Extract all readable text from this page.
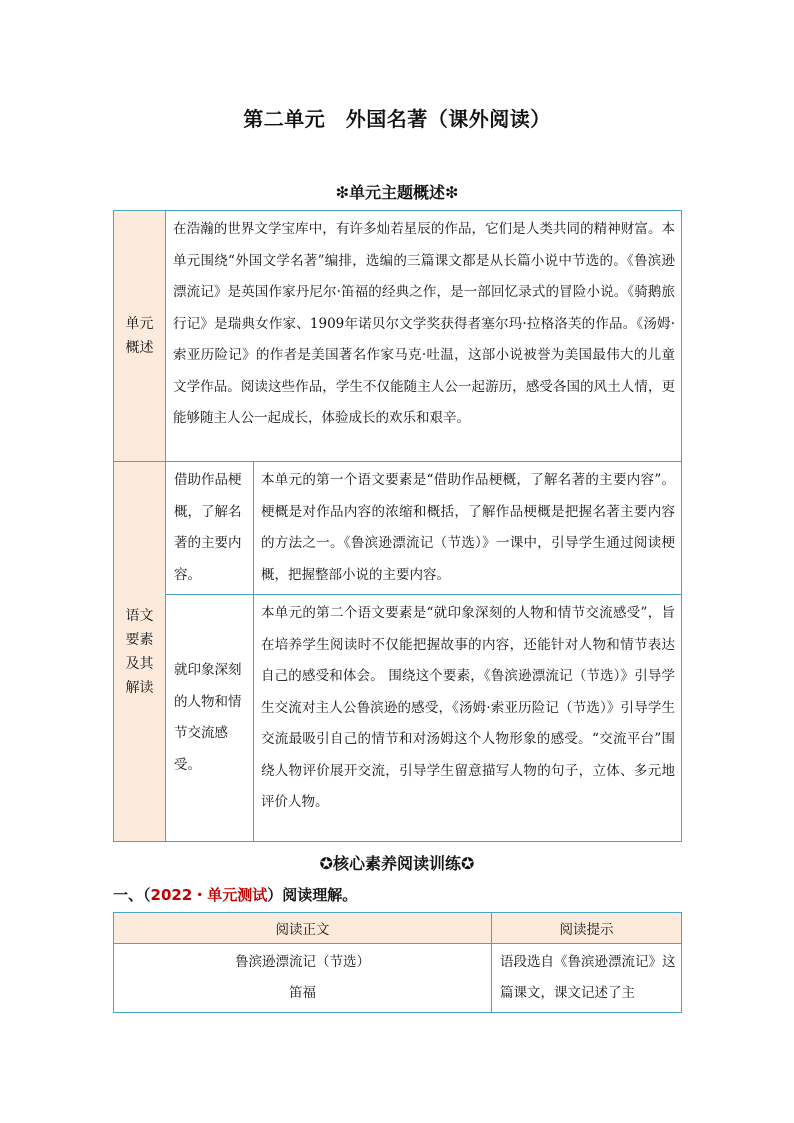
第二单元　外国名著（课外阅读）
❇单元主题概述❇
单元概述	在浩瀚的世界文学宝库中，有许多灿若星辰的作品，它们是人类共同的精神财富。本单元围绕“外国文学名著”编排，选编的三篇课文都是从长篇小说中节选的。《鲁滨逊漂流记》是英国作家丹尼尔·笛福的经典之作，是一部回忆录式的冒险小说。《骑鹅旅行记》是瑞典女作家、1909年诺贝尔文学奖获得者塞尔玛·拉格洛芙的作品。《汤姆·索亚历险记》的作者是美国著名作家马克·吐温，这部小说被誉为美国最伟大的儿童文学作品。阅读这些作品，学生不仅能随主人公一起游历，感受各国的风土人情，更能够随主人公一起成长，体验成长的欢乐和艰辛。	
语文要素及其解读	借助作品梗概，了解名著的主要内容。	本单元的第一个语文要素是“借助作品梗概，了解名著的主要内容”。梗概是对作品内容的浓缩和概括，了解作品梗概是把握名著主要内容的方法之一。《鲁滨逊漂流记（节选）》一课中，引导学生通过阅读梗概，把握整部小说的主要内容。
	就印象深刻的人物和情节交流感受。	本单元的第二个语文要素是“就印象深刻的人物和情节交流感受”，旨在培养学生阅读时不仅能把握故事的内容，还能针对人物和情节表达自己的感受和体会。 围绕这个要素，《鲁滨逊漂流记（节选）》引导学生交流对主人公鲁滨逊的感受，《汤姆·索亚历险记（节选）》引导学生交流最吸引自己的情节和对汤姆这个人物形象的感受。“交流平台”围绕人物评价展开交流，引导学生留意描写人物的句子，立体、多元地评价人物。
✪核心素养阅读训练✪
一、（2022・单元测试）阅读理解。
阅读正文	阅读提示

鲁滨逊漂流记（节选）
笛福	语段选自《鲁滨逊漂流记》这篇课文，课文记述了主
